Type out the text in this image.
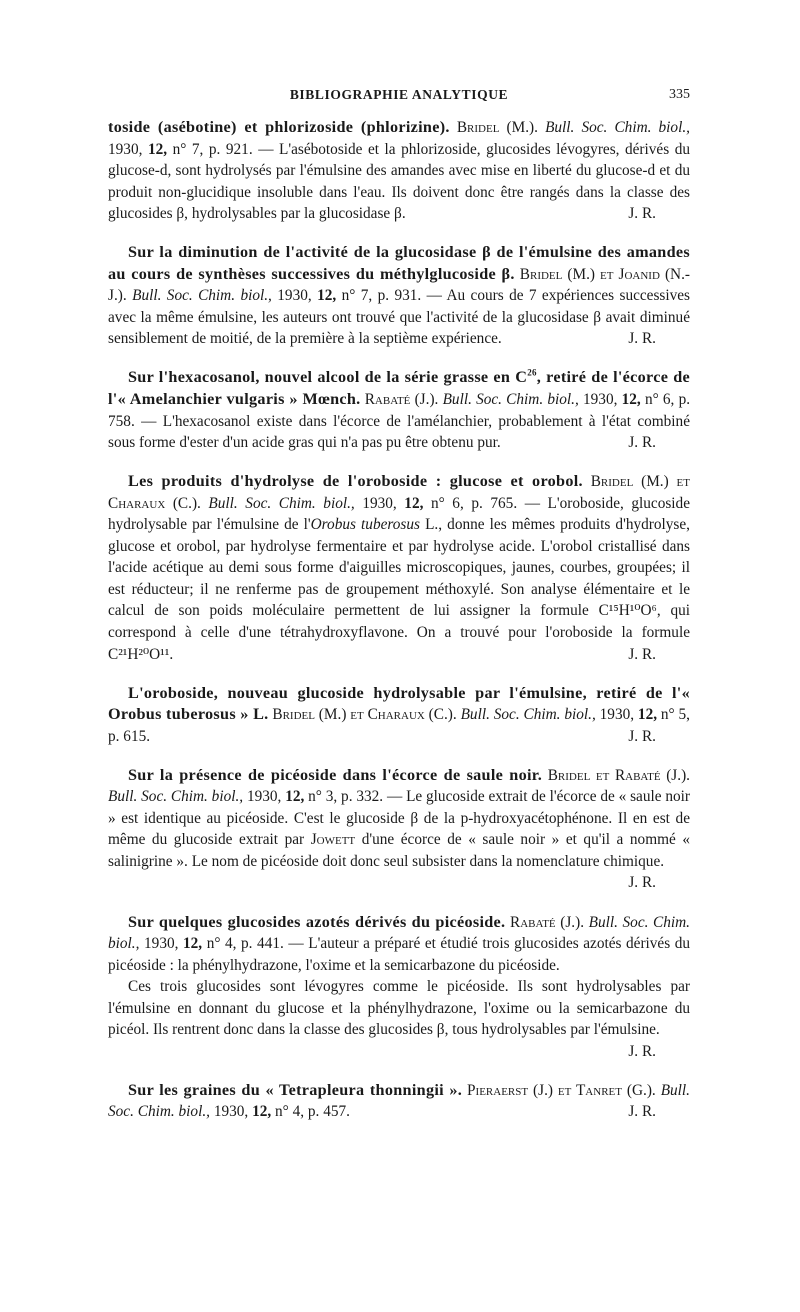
BIBLIOGRAPHIE ANALYTIQUE	335

toside (asébotine) et phlorizoside (phlorizine). Bridel (M.). Bull. Soc. Chim. biol., 1930, 12, n° 7, p. 921. — L'asébotoside et la phlorizoside, glucosides lévogyres, dérivés du glucose-d, sont hydrolysés par l'émulsine des amandes avec mise en liberté du glucose-d et du produit non-glucidique insoluble dans l'eau. Ils doivent donc être rangés dans la classe des glucosides β, hydrolysables par la glucosidase β.	J. R.

Sur la diminution de l'activité de la glucosidase β de l'émulsine des amandes au cours de synthèses successives du méthylglucoside β. Bridel (M.) et Joanid (N.-J.). Bull. Soc. Chim. biol., 1930, 12, n° 7, p. 931. — Au cours de 7 expériences successives avec la même émulsine, les auteurs ont trouvé que l'activité de la glucosidase β avait diminué sensiblement de moitié, de la première à la septième expérience.	J. R.

Sur l'hexacosanol, nouvel alcool de la série grasse en $C^{26}$, retiré de l'écorce de l'« Amelanchier vulgaris » Mœnch. Rabaté (J.). Bull. Soc. Chim. biol., 1930, 12, n° 6, p. 758. — L'hexacosanol existe dans l'écorce de l'amélanchier, probablement à l'état combiné sous forme d'ester d'un acide gras qui n'a pas pu être obtenu pur.	J. R.

Les produits d'hydrolyse de l'oroboside : glucose et orobol. Bridel (M.) et Charaux (C.). Bull. Soc. Chim. biol., 1930, 12, n° 6, p. 765. — L'oroboside, glucoside hydrolysable par l'émulsine de l'Orobus tuberosus L., donne les mêmes produits d'hydrolyse, glucose et orobol, par hydrolyse fermentaire et par hydrolyse acide. L'orobol cristallisé dans l'acide acétique au demi sous forme d'aiguilles microscopiques, jaunes, courbes, groupées; il est réducteur; il ne renferme pas de groupement méthoxylé. Son analyse élémentaire et le calcul de son poids moléculaire permettent de lui assigner la formule C¹⁵H¹⁰O⁶, qui correspond à celle d'une tétrahydroxyflavone. On a trouvé pour l'oroboside la formule C²¹H²⁰O¹¹.	J. R.

L'oroboside, nouveau glucoside hydrolysable par l'émulsine, retiré de l'« Orobus tuberosus » L. Bridel (M.) et Charaux (C.). Bull. Soc. Chim. biol., 1930, 12, n° 5, p. 615.	J. R.

Sur la présence de picéoside dans l'écorce de saule noir. Bridel et Rabaté (J.). Bull. Soc. Chim. biol., 1930, 12, n° 3, p. 332. — Le glucoside extrait de l'écorce de « saule noir » est identique au picéoside. C'est le glucoside β de la p-hydroxyacétophénone. Il en est de même du glucoside extrait par Jowett d'une écorce de « saule noir » et qu'il a nommé « salinigrine ». Le nom de picéoside doit donc seul subsister dans la nomenclature chimique.
J. R.

Sur quelques glucosides azotés dérivés du picéoside. Rabaté (J.). Bull. Soc. Chim. biol., 1930, 12, n° 4, p. 441. — L'auteur a préparé et étudié trois glucosides azotés dérivés du picéoside : la phénylhydrazone, l'oxime et la semicarbazone du picéoside.

Ces trois glucosides sont lévogyres comme le picéoside. Ils sont hydrolysables par l'émulsine en donnant du glucose et la phénylhydrazone, l'oxime ou la semicarbazone du picéol. Ils rentrent donc dans la classe des glucosides β, tous hydrolysables par l'émulsine.
J. R.

Sur les graines du « Tetrapleura thonningii ». Pieraerst (J.) et Tanret (G.). Bull. Soc. Chim. biol., 1930, 12, n° 4, p. 457.	J. R.
